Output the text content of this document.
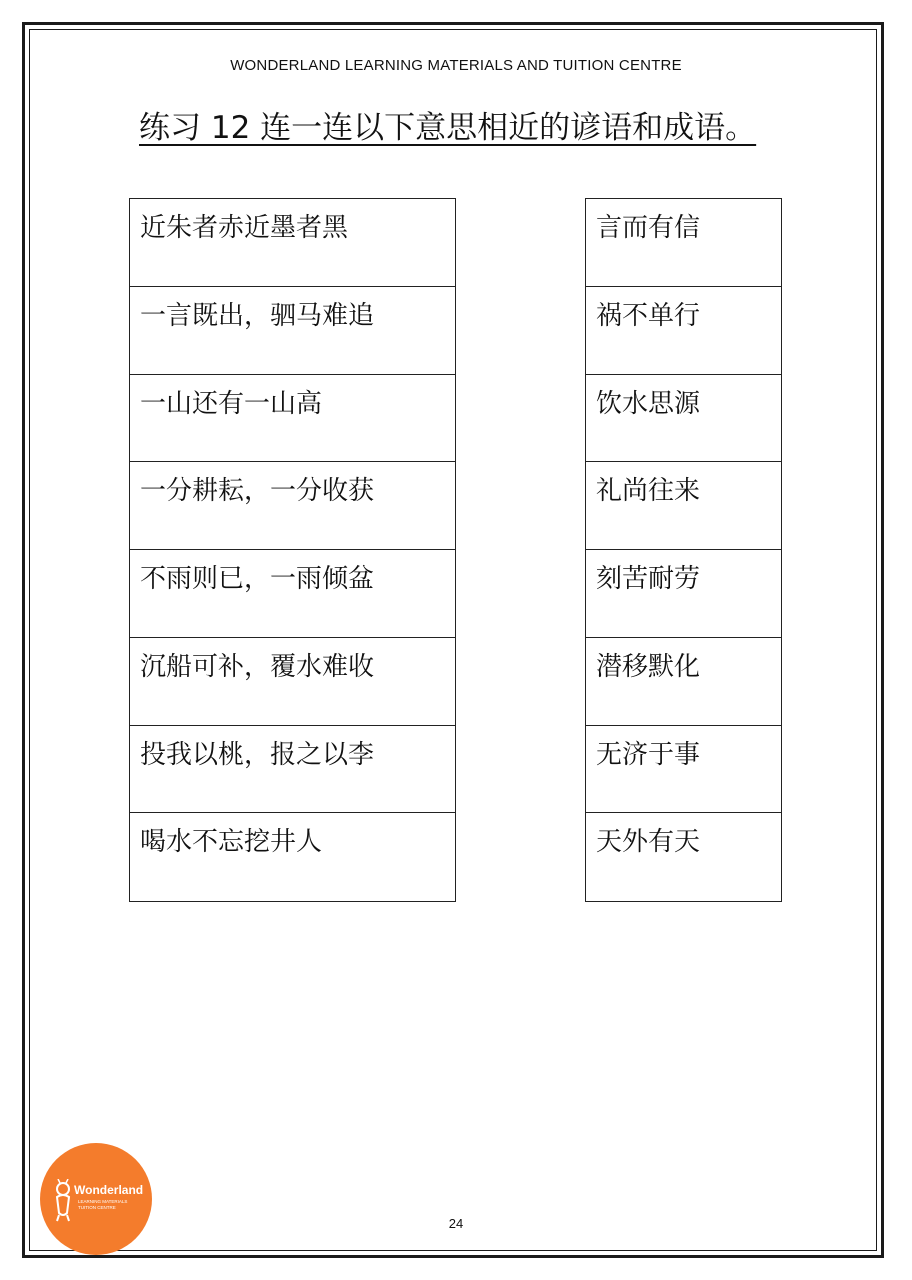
WONDERLAND LEARNING MATERIALS AND TUITION CENTRE
练习 12 连一连以下意思相近的谚语和成语。
近朱者赤近墨者黑
一言既出，驷马难追
一山还有一山高
一分耕耘，一分收获
不雨则已，一雨倾盆
沉船可补，覆水难收
投我以桃，报之以李
喝水不忘挖井人
言而有信
祸不单行
饮水思源
礼尚往来
刻苦耐劳
潜移默化
无济于事
天外有天
Wonderland
LEARNING MATERIALS
TUITION CENTRE
24
